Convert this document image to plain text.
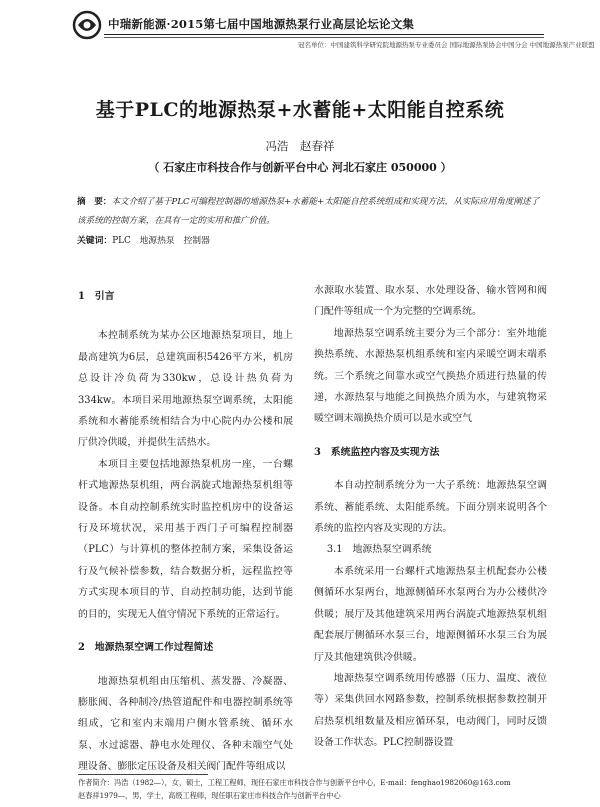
中瑞新能源·2015第七届中国地源热泵行业高层论坛论文集
冠名单位：中国建筑科学研究院地源热泵专业委员会 国际地源热泵协会中国分会 中国地源热泵产业联盟
基于PLC的地源热泵+水蓄能+太阳能自控系统
冯浩　赵春祥
（ 石家庄市科技合作与创新平台中心 河北石家庄 050000 ）
摘　要：本文介绍了基于PLC可编程控制器的地源热泵+水蓄能+太阳能自控系统组成和实现方法，从实际应用角度阐述了该系统的控制方案，在具有一定的实用和推广价值。
关键词：PLC　地源热泵　控制器
1　引言

本控制系统为某办公区地源热泵项目，地上最高建筑为6层，总建筑面积5426平方米，机房总设计冷负荷为330kw，总设计热负荷为334kw。本项目采用地源热泵空调系统，太阳能系统和水蓄能系统相结合为中心院内办公楼和展厅供冷供暖，并提供生活热水。

本项目主要包括地源热泵机房一座，一台螺杆式地源热泵机组，两台涡旋式地源热泵机组等设备。本自动控制系统实时监控机房中的设备运行及环境状况，采用基于西门子可编程控制器（PLC）与计算机的整体控制方案，采集设备运行及气候补偿参数，结合数据分析，远程监控等方式实现本项目的节、自动控制功能，达到节能的目的，实现无人值守情况下系统的正常运行。

2　地源热泵空调工作过程简述

地源热泵机组由压缩机、蒸发器、冷凝器、膨胀阀、各种制冷/热管道配件和电器控制系统等组成，它和室内末端用户侧水管系统、循环水泵、水过滤器、静电水处理仪、各种末端空气处理设备、膨胀定压设备及相关阀门配件等组成以

水源取水装置、取水泵、水处理设备、输水管网和阀门配件等组成一个为完整的空调系统。

地源热泵空调系统主要分为三个部分：室外地能换热系统、水源热泵机组系统和室内采暖空调末端系统。三个系统之间靠水或空气换热介质进行热量的传递，水源热泵与地能之间换热介质为水，与建筑物采暖空调末端换热介质可以是水或空气

3　系统监控内容及实现方法

本自动控制系统分为一大子系统：地源热泵空调系统、蓄能系统、太阳能系统。下面分别来说明各个系统的监控内容及实现的方法。

3.1　地源热泵空调系统

本系统采用一台螺杆式地源热泵主机配套办公楼侧循环水泵两台，地源侧循环水泵两台为办公楼供冷供暖；展厅及其他建筑采用两台涡旋式地源热泵机组配套展厅侧循环水泵三台，地源侧循环水泵三台为展厅及其他建筑供冷供暖。

地源热泵空调系统用传感器（压力、温度、液位等）采集供回水网路参数，控制系统根据参数控制开启热泵机组数量及相应循环泵，电动阀门，同时反馈设备工作状态。PLC控制器设置

作者简介：冯浩（1982—），女，硕士，工程工程师，现任石家庄市科技合作与创新平台中心，E-mail：fenghao1982060@163.com
赵春祥1979—，男，学士，高级工程师，现任职石家庄市科技合作与创新平台中心
